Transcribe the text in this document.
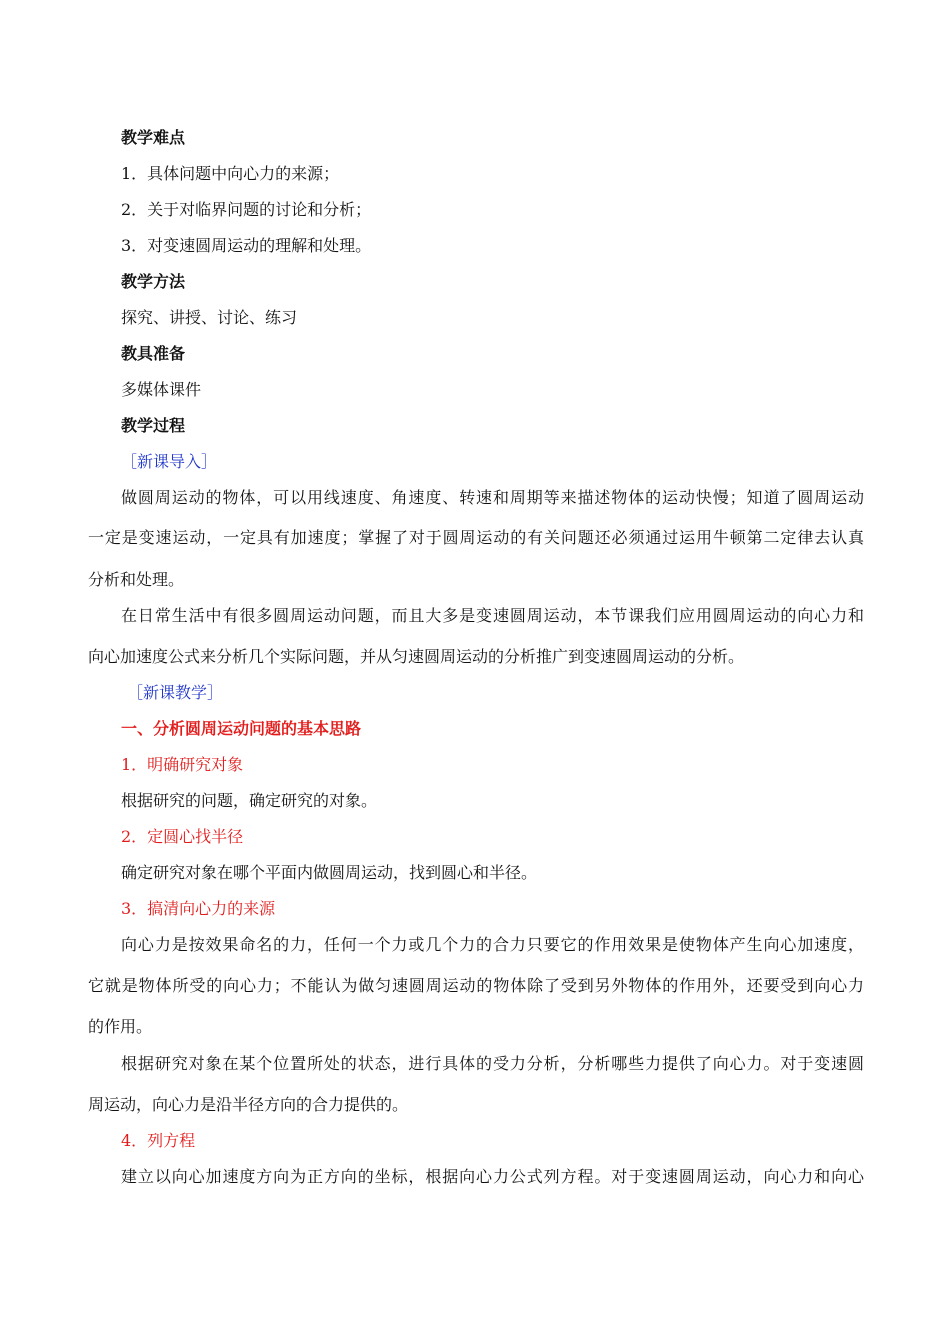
教学难点
1．具体问题中向心力的来源；
2．关于对临界问题的讨论和分析；
3．对变速圆周运动的理解和处理。
教学方法
探究、讲授、讨论、练习
教具准备
多媒体课件
教学过程
［新课导入］
做圆周运动的物体，可以用线速度、角速度、转速和周期等来描述物体的运动快慢；知道了圆周运动
一定是变速运动，一定具有加速度；掌握了对于圆周运动的有关问题还必须通过运用牛顿第二定律去认真
分析和处理。
在日常生活中有很多圆周运动问题，而且大多是变速圆周运动，本节课我们应用圆周运动的向心力和
向心加速度公式来分析几个实际问题，并从匀速圆周运动的分析推广到变速圆周运动的分析。
［新课教学］
一、分析圆周运动问题的基本思路
1．明确研究对象
根据研究的问题，确定研究的对象。
2．定圆心找半径
确定研究对象在哪个平面内做圆周运动，找到圆心和半径。
3．搞清向心力的来源
向心力是按效果命名的力，任何一个力或几个力的合力只要它的作用效果是使物体产生向心加速度，
它就是物体所受的向心力；不能认为做匀速圆周运动的物体除了受到另外物体的作用外，还要受到向心力
的作用。
根据研究对象在某个位置所处的状态，进行具体的受力分析，分析哪些力提供了向心力。对于变速圆
周运动，向心力是沿半径方向的合力提供的。
4．列方程
建立以向心加速度方向为正方向的坐标，根据向心力公式列方程。对于变速圆周运动，向心力和向心
